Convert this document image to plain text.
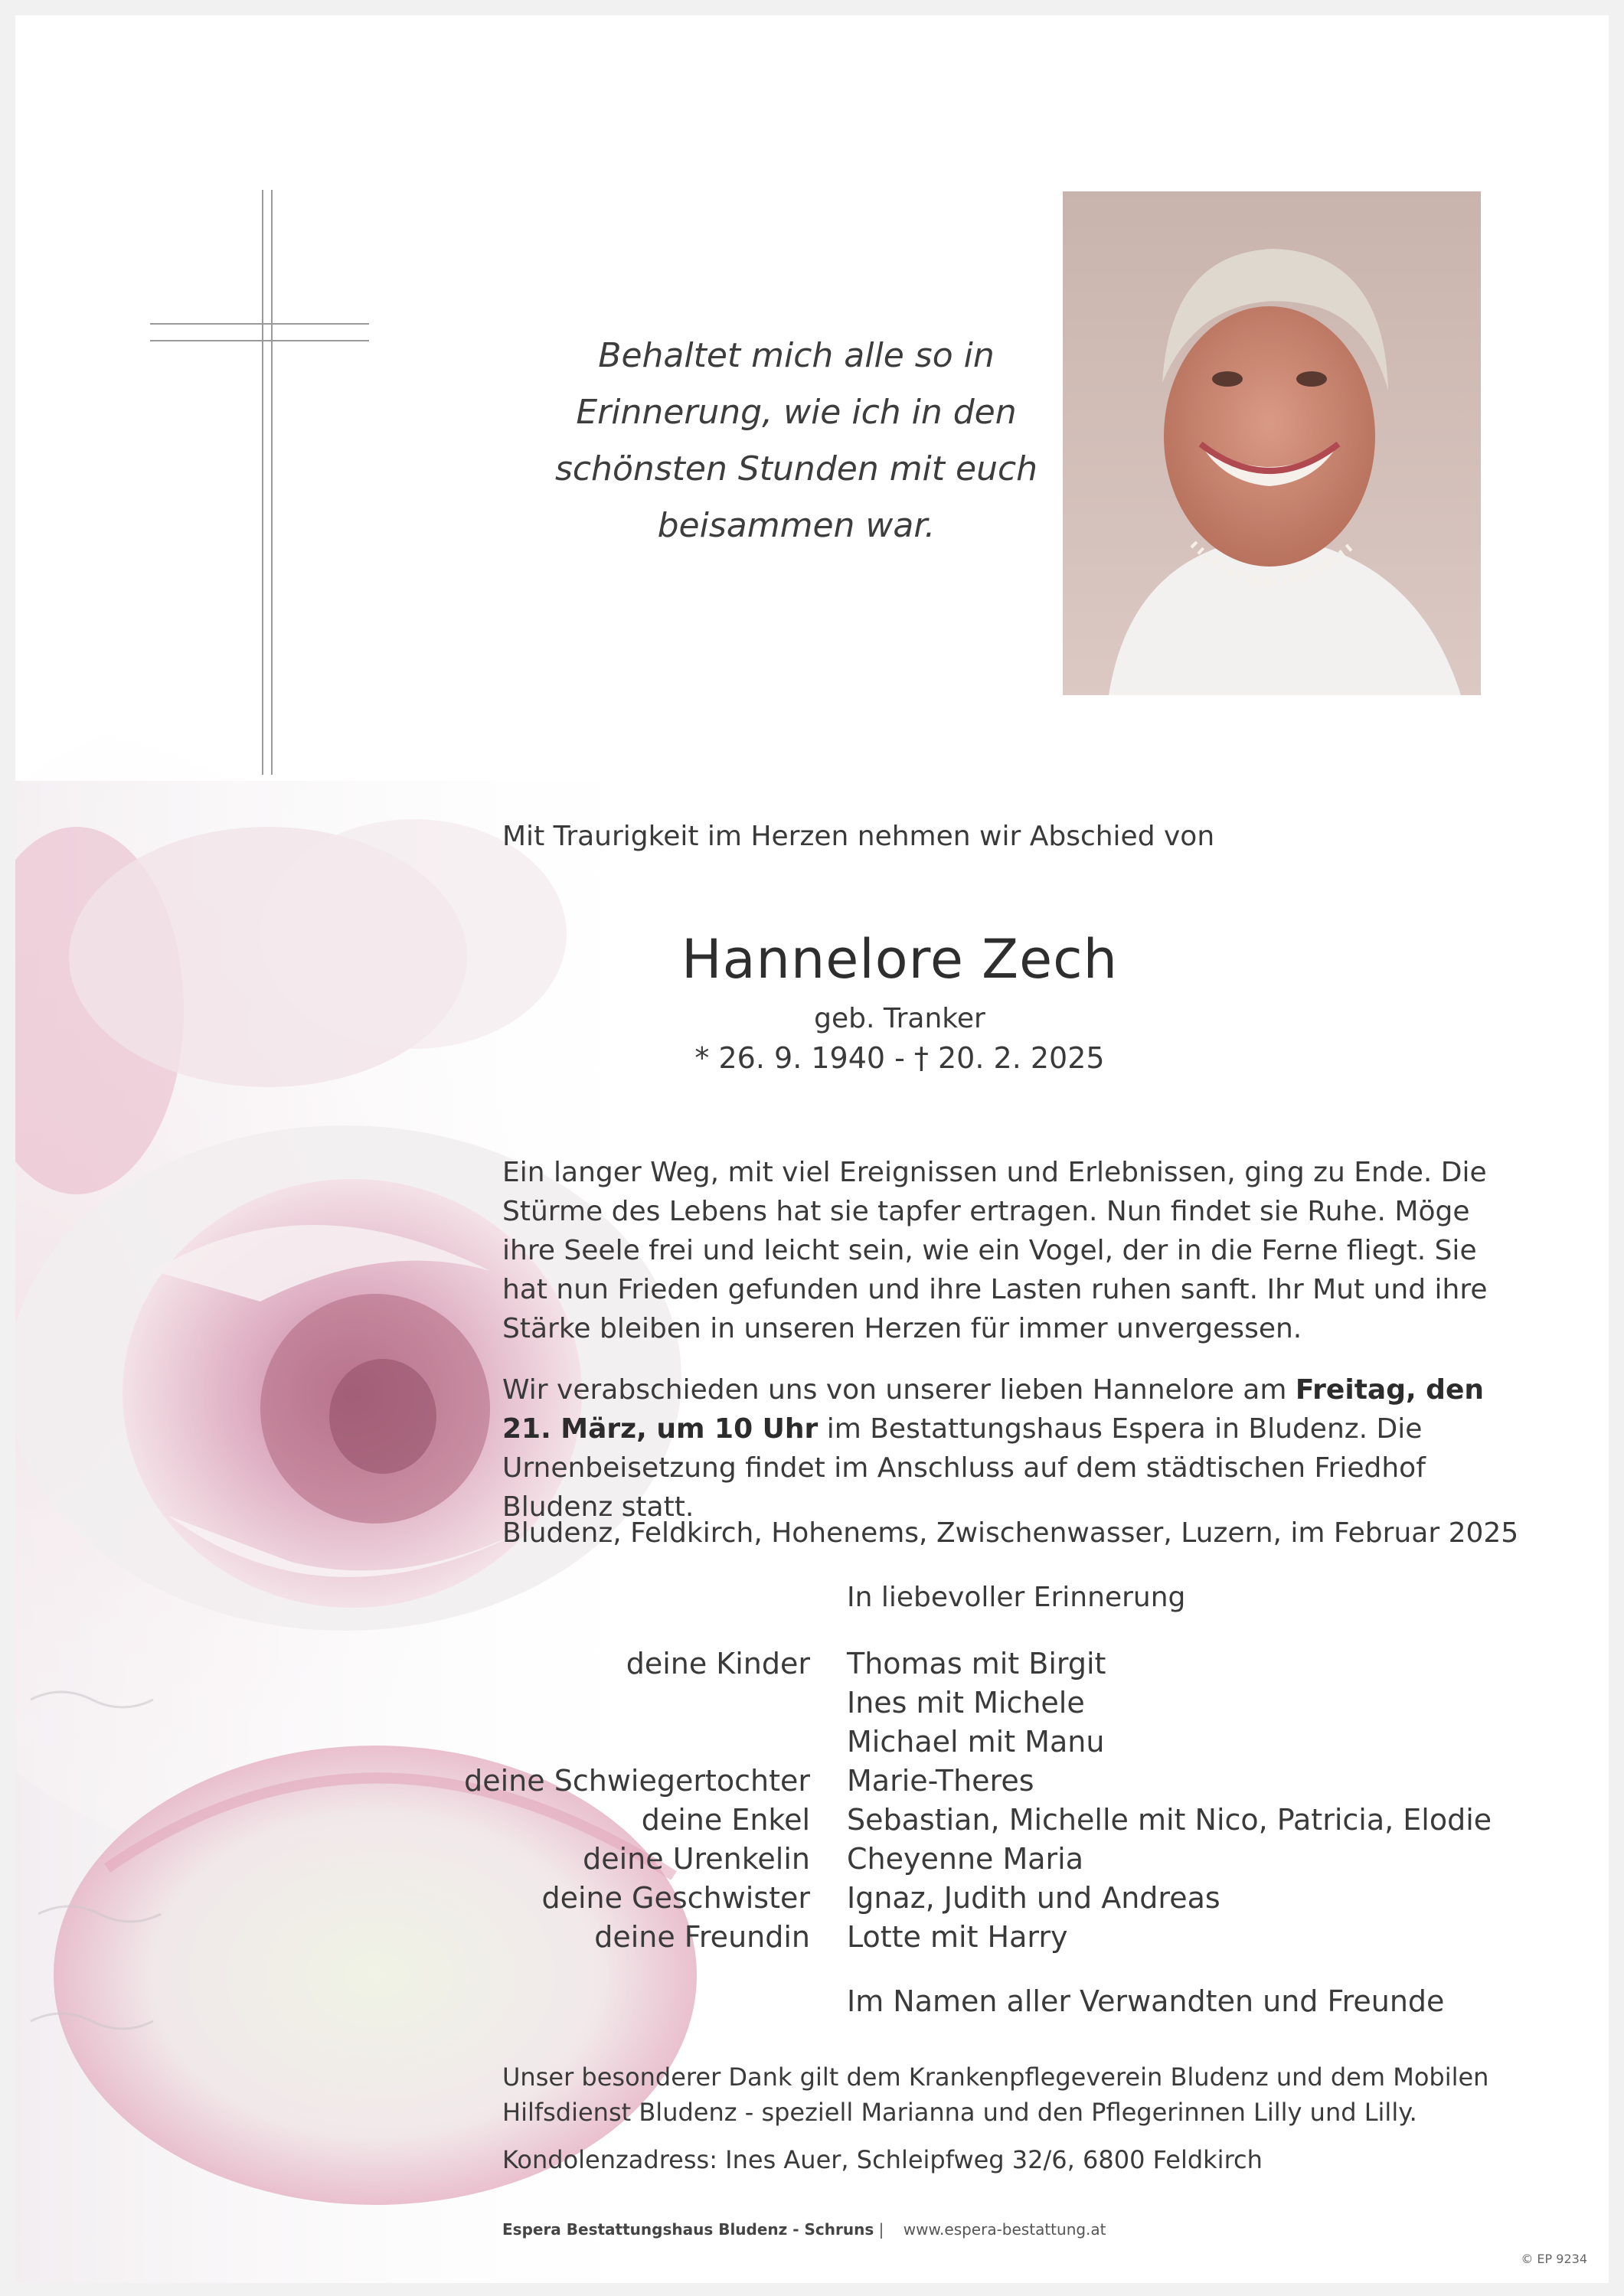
Behaltet mich alle so in
Erinnerung, wie ich in den
schönsten Stunden mit euch
beisammen war.
Mit Traurigkeit im Herzen nehmen wir Abschied von
Hannelore Zech
geb. Tranker
* 26. 9. 1940 - † 20. 2. 2025
Ein langer Weg, mit viel Ereignissen und Erlebnissen, ging zu Ende. Die Stürme des Lebens hat sie tapfer ertragen. Nun findet sie Ruhe. Möge ihre Seele frei und leicht sein, wie ein Vogel, der in die Ferne fliegt. Sie hat nun Frieden gefunden und ihre Lasten ruhen sanft. Ihr Mut und ihre Stärke bleiben in unseren Herzen für immer unvergessen.
Wir verabschieden uns von unserer lieben Hannelore am Freitag, den 21. März, um 10 Uhr im Bestattungshaus Espera in Bludenz. Die Urnenbeisetzung findet im Anschluss auf dem städtischen Friedhof Bludenz statt.
Bludenz, Feldkirch, Hohenems, Zwischenwasser, Luzern, im Februar 2025
In liebevoller Erinnerung
deine Kinder

deine Schwiegertochter
deine Enkel
deine Urenkelin
deine Geschwister
deine Freundin
Thomas mit Birgit
Ines mit Michele
Michael mit Manu
Marie-Theres
Sebastian, Michelle mit Nico, Patricia, Elodie
Cheyenne Maria
Ignaz, Judith und Andreas
Lotte mit Harry
Im Namen aller Verwandten und Freunde
Unser besonderer Dank gilt dem Krankenpflegeverein Bludenz und dem Mobilen Hilfsdienst Bludenz - speziell Marianna und den Pflegerinnen Lilly und Lilly.
Kondolenzadress: Ines Auer, Schleipfweg 32/6, 6800 Feldkirch
Espera Bestattungshaus Bludenz - Schruns |    www.espera-bestattung.at
© EP 9234
